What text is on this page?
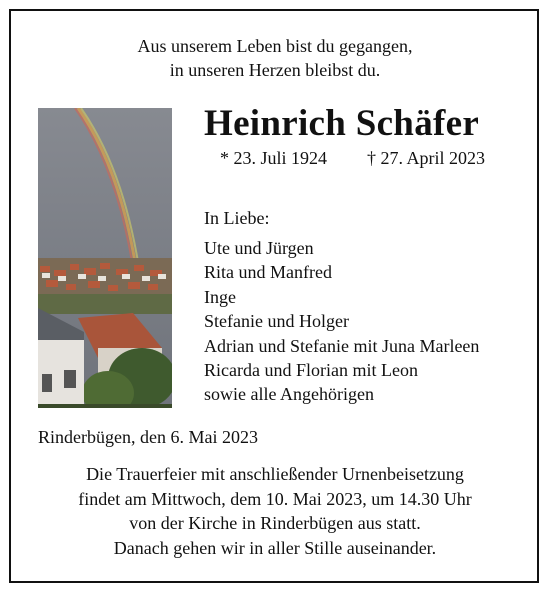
Aus unserem Leben bist du gegangen,
in unseren Herzen bleibst du.
Heinrich Schäfer
* 23. Juli 1924 † 27. April 2023
In Liebe:
Ute und Jürgen
Rita und Manfred
Inge
Stefanie und Holger
Adrian und Stefanie mit Juna Marleen
Ricarda und Florian mit Leon
sowie alle Angehörigen
Rinderbügen, den 6. Mai 2023
Die Trauerfeier mit anschließender Urnenbeisetzung
findet am Mittwoch, dem 10. Mai 2023, um 14.30 Uhr
von der Kirche in Rinderbügen aus statt.
Danach gehen wir in aller Stille auseinander.
